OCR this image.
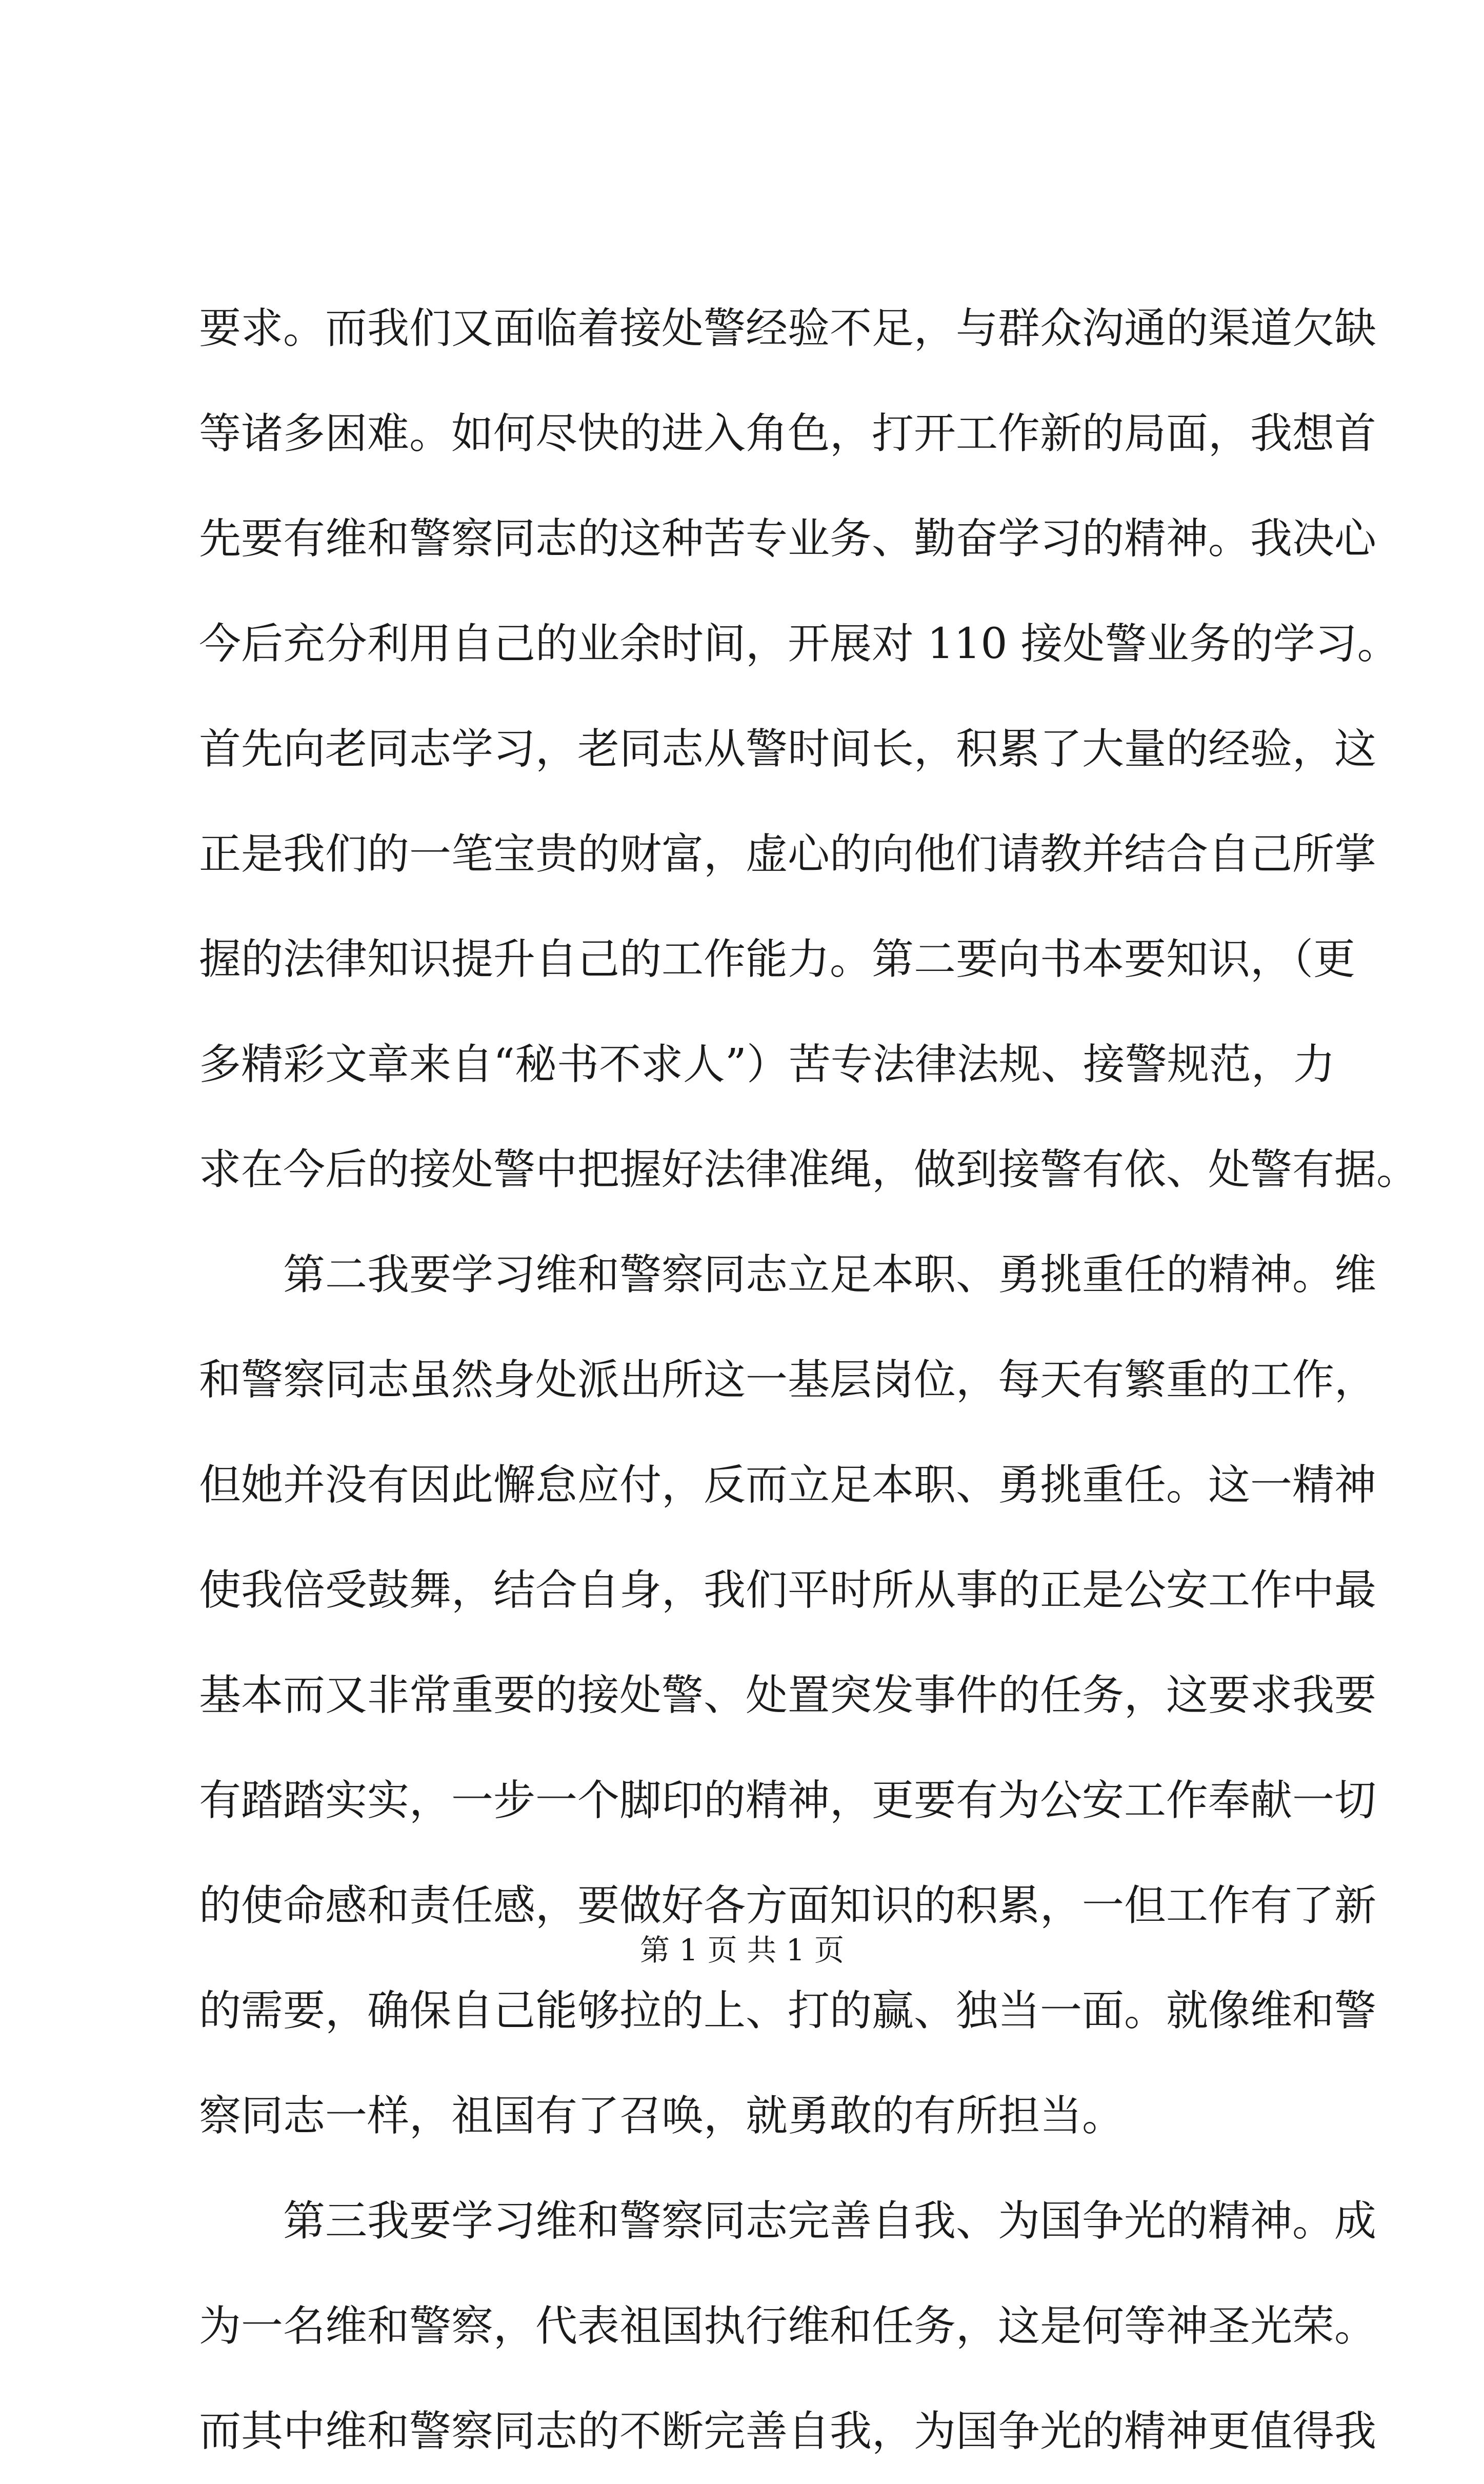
要求。而我们又面临着接处警经验不足，与群众沟通的渠道欠缺
等诸多困难。如何尽快的进入角色，打开工作新的局面，我想首
先要有维和警察同志的这种苦专业务、勤奋学习的精神。我决心
今后充分利用自己的业余时间，开展对 110 接处警业务的学习。
首先向老同志学习，老同志从警时间长，积累了大量的经验，这
正是我们的一笔宝贵的财富，虚心的向他们请教并结合自己所掌
握的法律知识提升自己的工作能力。第二要向书本要知识，（更
多精彩文章来自“秘书不求人”）苦专法律法规、接警规范，力
求在今后的接处警中把握好法律准绳，做到接警有依、处警有据。
第二我要学习维和警察同志立足本职、勇挑重任的精神。维
和警察同志虽然身处派出所这一基层岗位，每天有繁重的工作，
但她并没有因此懈怠应付，反而立足本职、勇挑重任。这一精神
使我倍受鼓舞，结合自身，我们平时所从事的正是公安工作中最
基本而又非常重要的接处警、处置突发事件的任务，这要求我要
有踏踏实实，一步一个脚印的精神，更要有为公安工作奉献一切
的使命感和责任感，要做好各方面知识的积累，一但工作有了新
的需要，确保自己能够拉的上、打的赢、独当一面。就像维和警
察同志一样，祖国有了召唤，就勇敢的有所担当。
第三我要学习维和警察同志完善自我、为国争光的精神。成
为一名维和警察，代表祖国执行维和任务，这是何等神圣光荣。
而其中维和警察同志的不断完善自我，为国争光的精神更值得我
第 1 页 共 1 页
